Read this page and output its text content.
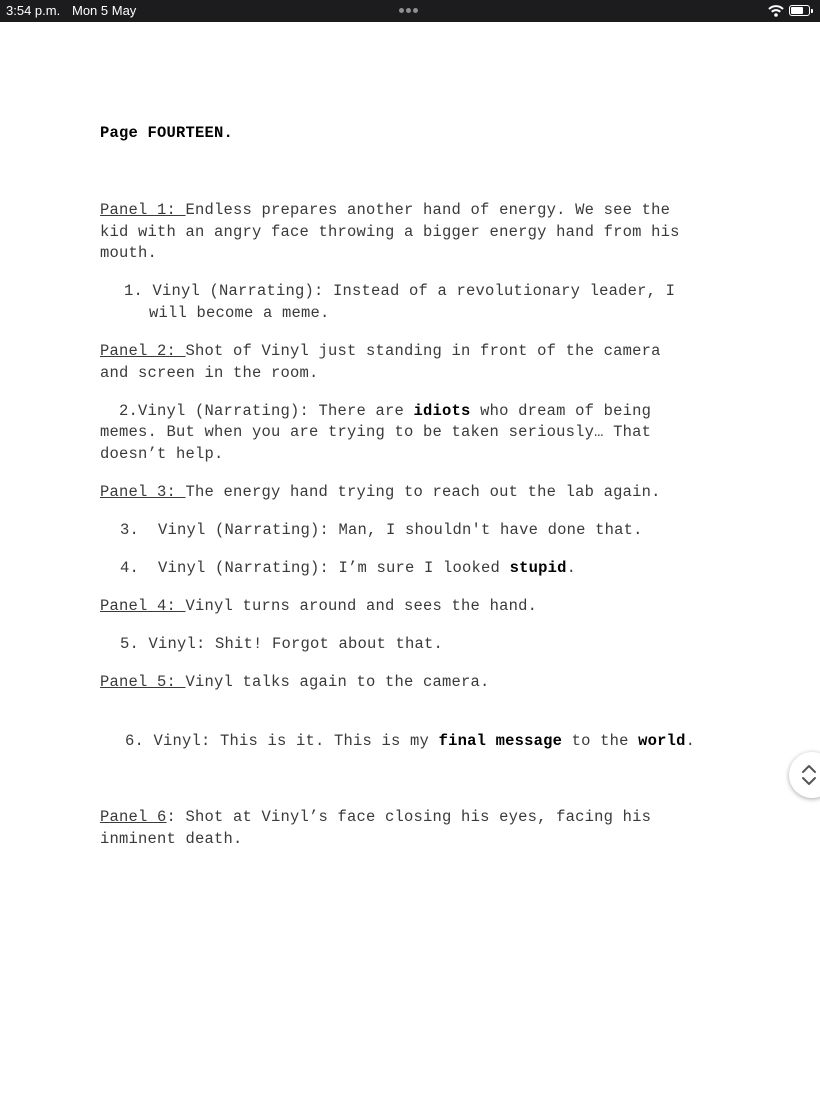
3:54 p.m. Mon 5 May

Page FOURTEEN.

Panel 1: Endless prepares another hand of energy. We see the

kid with an angry face throwing a bigger energy hand from his

mouth.

1. Vinyl (Narrating): Instead of a revolutionary leader, I

will become a meme.

Panel 2: Shot of Vinyl just standing in front of the camera

and screen in the room.

2.Vinyl (Narrating): There are idiots who dream of being

memes. But when you are trying to be taken seriously… That

doesn’t help.

Panel 3: The energy hand trying to reach out the lab again.

3.  Vinyl (Narrating): Man, I shouldn't have done that.

4.  Vinyl (Narrating): I’m sure I looked stupid.

Panel 4: Vinyl turns around and sees the hand.

5. Vinyl: Shit! Forgot about that.

Panel 5: Vinyl talks again to the camera.

6. Vinyl: This is it. This is my final message to the world.

Panel 6: Shot at Vinyl’s face closing his eyes, facing his

inminent death.
